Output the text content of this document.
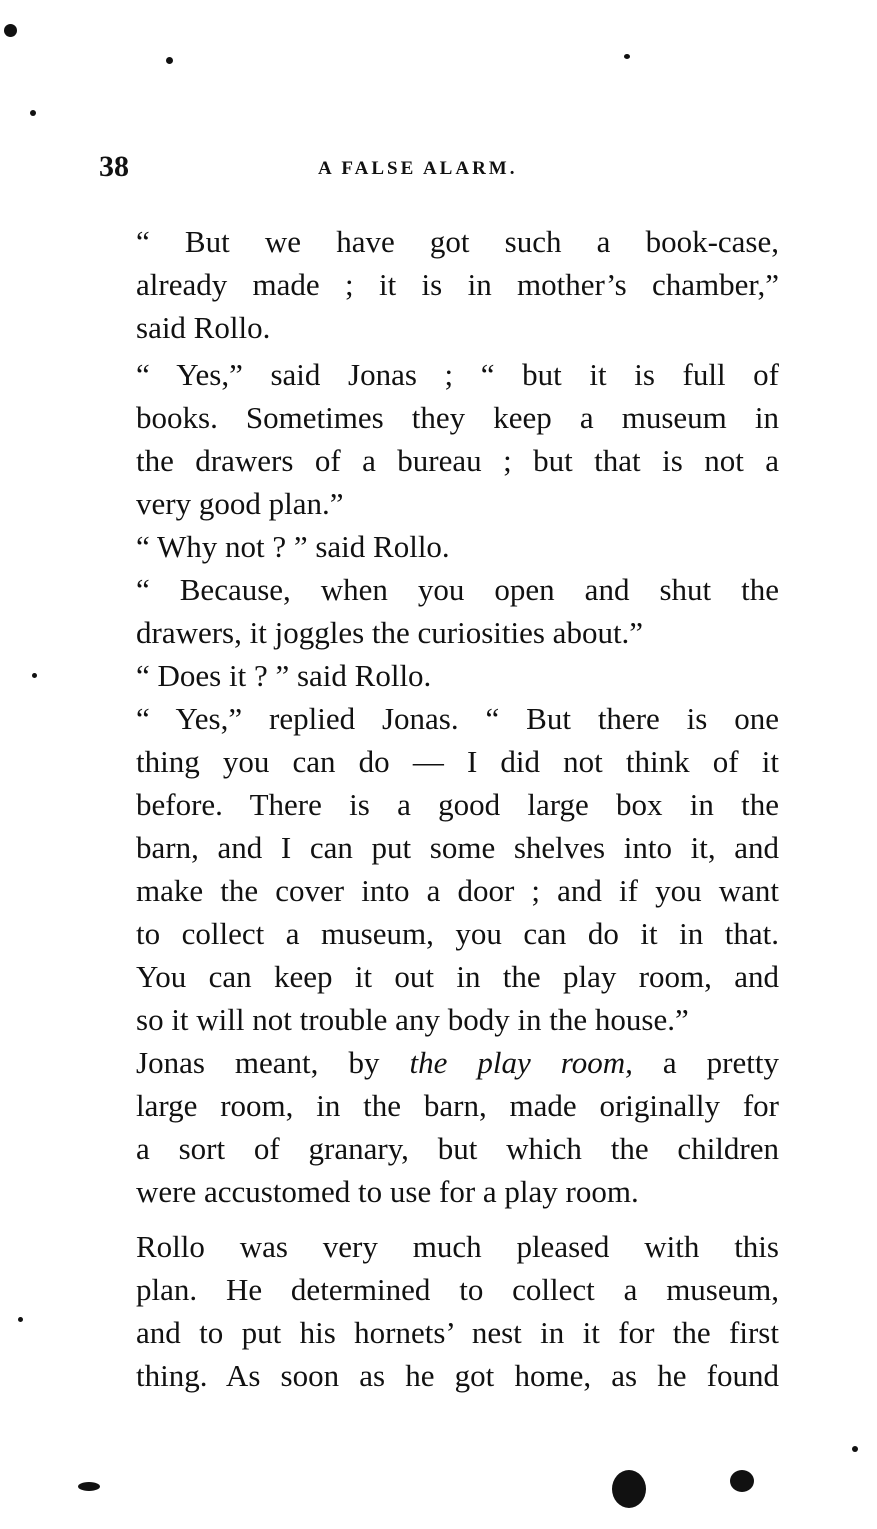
38	A FALSE ALARM.
“ But we have got such a book-case,
already made ; it is in mother’s chamber,”
said Rollo.
“ Yes,” said Jonas ; “ but it is full of
books. Sometimes they keep a museum in
the drawers of a bureau ; but that is not a
very good plan.”
“ Why not ? ” said Rollo.
“ Because, when you open and shut the
drawers, it joggles the curiosities about.”
“ Does it ? ” said Rollo.
“ Yes,” replied Jonas. “ But there is one
thing you can do — I did not think of it
before. There is a good large box in the
barn, and I can put some shelves into it, and
make the cover into a door ; and if you want
to collect a museum, you can do it in that.
You can keep it out in the play room, and
so it will not trouble any body in the house.”
Jonas meant, by the play room, a pretty
large room, in the barn, made originally for
a sort of granary, but which the children
were accustomed to use for a play room.
Rollo was very much pleased with this
plan. He determined to collect a museum,
and to put his hornets’ nest in it for the first
thing. As soon as he got home, as he found
